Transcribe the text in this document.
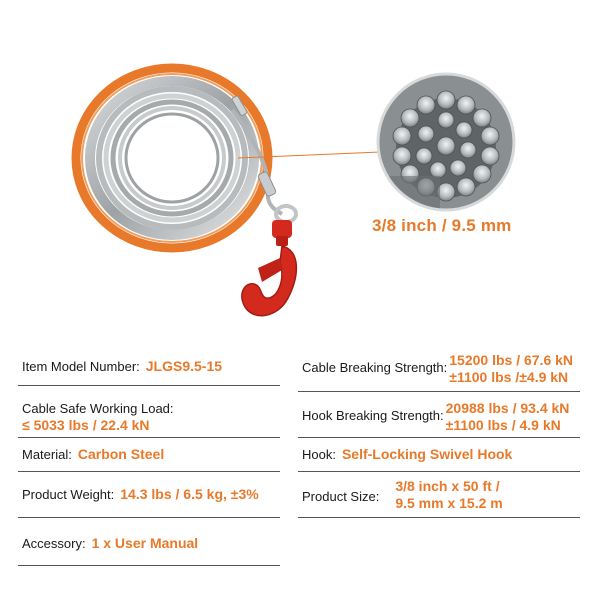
3/8 inch / 9.5 mm
Item Model Number: JLGS9.5-15
Cable Safe Working Load:
≤ 5033 lbs / 22.4 kN
Material: Carbon Steel
Product Weight: 14.3 lbs / 6.5 kg, ±3%
Accessory: 1 x User Manual
Cable Breaking Strength: 15200 lbs / 67.6 kN
±1100 lbs /±4.9 kN
Hook Breaking Strength: 20988 lbs / 93.4 kN
±1100 lbs / 4.9 kN
Hook: Self-Locking Swivel Hook
Product Size:
3/8 inch x 50 ft /
9.5 mm x 15.2 m
